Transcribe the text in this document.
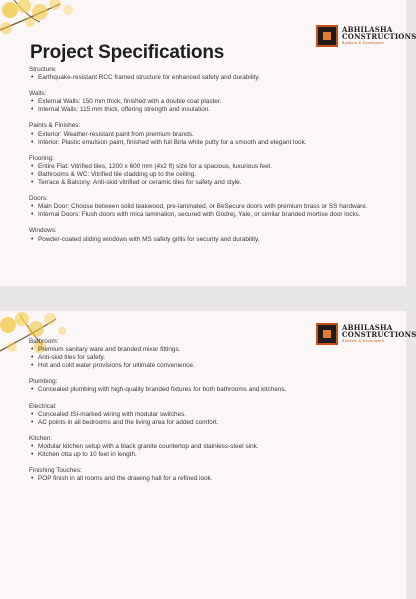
ABHILASHA
CONSTRUCTIONS
Builders & Developers
Project Specifications
Structure:
• Earthquake-resistant RCC framed structure for enhanced safety and durability.
Walls:
• External Walls: 150 mm thick, finished with a double coat plaster.
• Internal Walls: 115 mm thick, offering strength and insulation.
Paints & Finishes:
• Exterior: Weather-resistant paint from premium brands.
• Interior: Plastic emulsion paint, finished with full Birla white putty for a smooth and elegant look.
Flooring:
• Entire Flat: Vitrified tiles, 1200 x 600 mm (4x2 ft) size for a spacious, luxurious feel.
• Bathrooms & WC: Vitrified tile cladding up to the ceiling.
• Terrace & Balcony: Anti-skid vitrified or ceramic tiles for safety and style.
Doors:
• Main Door: Choose between solid teakwood, pre-laminated, or BeSecure doors with premium brass or SS hardware.
• Internal Doors: Flush doors with mica lamination, secured with Godrej, Yale, or similar branded mortise door locks.
Windows:
• Powder-coated sliding windows with MS safety grills for security and durability.
ABHILASHA
CONSTRUCTIONS
Builders & Developers
Bathroom:
• Premium sanitary ware and branded mixer fittings.
• Anti-skid tiles for safety.
• Hot and cold water provisions for ultimate convenience.
Plumbing:
• Concealed plumbing with high-quality branded fixtures for both bathrooms and kitchens.
Electrical:
• Concealed ISI-marked wiring with modular switches.
• AC points in all bedrooms and the living area for added comfort.
Kitchen:
• Modular kitchen setup with a black granite countertop and stainless-steel sink.
• Kitchen otta up to 10 feet in length.
Finishing Touches:
• POP finish in all rooms and the drawing hall for a refined look.
